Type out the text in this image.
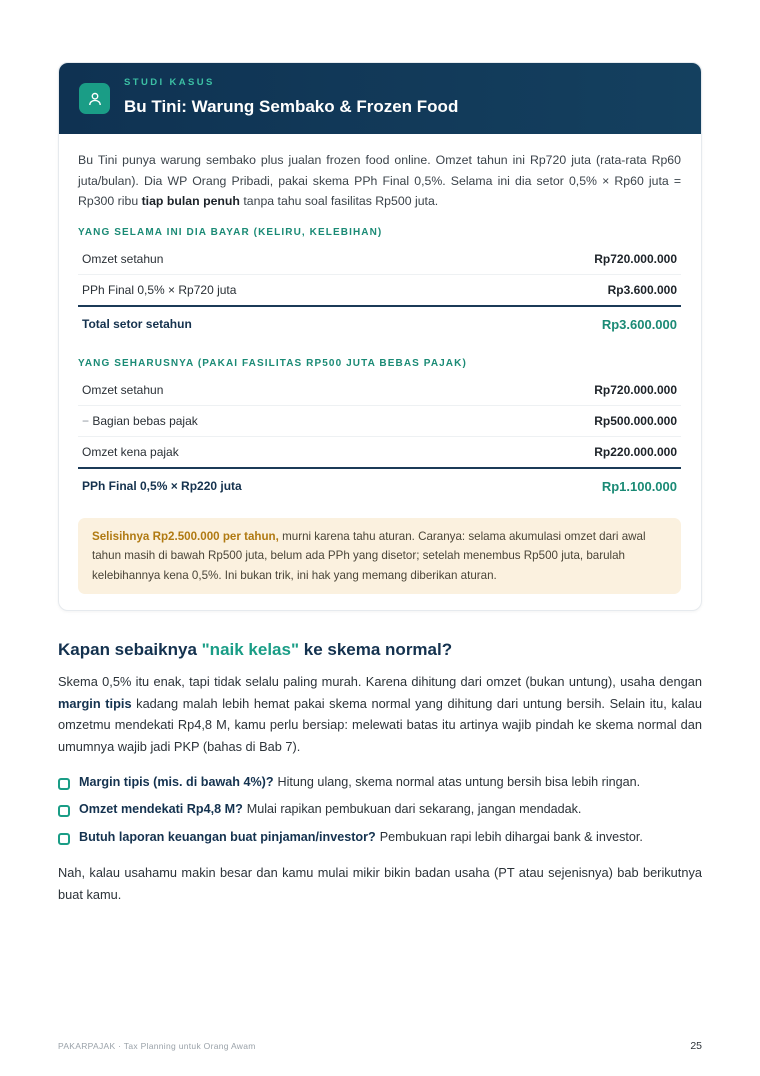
STUDI KASUS
Bu Tini: Warung Sembako & Frozen Food

Bu Tini punya warung sembako plus jualan frozen food online. Omzet tahun ini Rp720 juta (rata-rata Rp60 juta/bulan). Dia WP Orang Pribadi, pakai skema PPh Final 0,5%. Selama ini dia setor 0,5% × Rp60 juta = Rp300 ribu tiap bulan penuh tanpa tahu soal fasilitas Rp500 juta.

YANG SELAMA INI DIA BAYAR (KELIRU, KELEBIHAN)
Omzet setahun	Rp720.000.000
PPh Final 0,5% × Rp720 juta	Rp3.600.000
Total setor setahun	Rp3.600.000
YANG SEHARUSNYA (PAKAI FASILITAS RP500 JUTA BEBAS PAJAK)
Omzet setahun	Rp720.000.000
− Bagian bebas pajak	Rp500.000.000
Omzet kena pajak	Rp220.000.000
PPh Final 0,5% × Rp220 juta	Rp1.100.000
Selisihnya Rp2.500.000 per tahun, murni karena tahu aturan. Caranya: selama akumulasi omzet dari awal tahun masih di bawah Rp500 juta, belum ada PPh yang disetor; setelah menembus Rp500 juta, barulah kelebihannya kena 0,5%. Ini bukan trik, ini hak yang memang diberikan aturan.
Kapan sebaiknya "naik kelas" ke skema normal?

Skema 0,5% itu enak, tapi tidak selalu paling murah. Karena dihitung dari omzet (bukan untung), usaha dengan margin tipis kadang malah lebih hemat pakai skema normal yang dihitung dari untung bersih. Selain itu, kalau omzetmu mendekati Rp4,8 M, kamu perlu bersiap: melewati batas itu artinya wajib pindah ke skema normal dan umumnya wajib jadi PKP (bahas di Bab 7).

Margin tipis (mis. di bawah 4%)? Hitung ulang, skema normal atas untung bersih bisa lebih ringan.
Omzet mendekati Rp4,8 M? Mulai rapikan pembukuan dari sekarang, jangan mendadak.
Butuh laporan keuangan buat pinjaman/investor? Pembukuan rapi lebih dihargai bank & investor.

Nah, kalau usahamu makin besar dan kamu mulai mikir bikin badan usaha (PT atau sejenisnya) bab berikutnya buat kamu.

PAKARPAJAK · Tax Planning untuk Orang Awam	25
